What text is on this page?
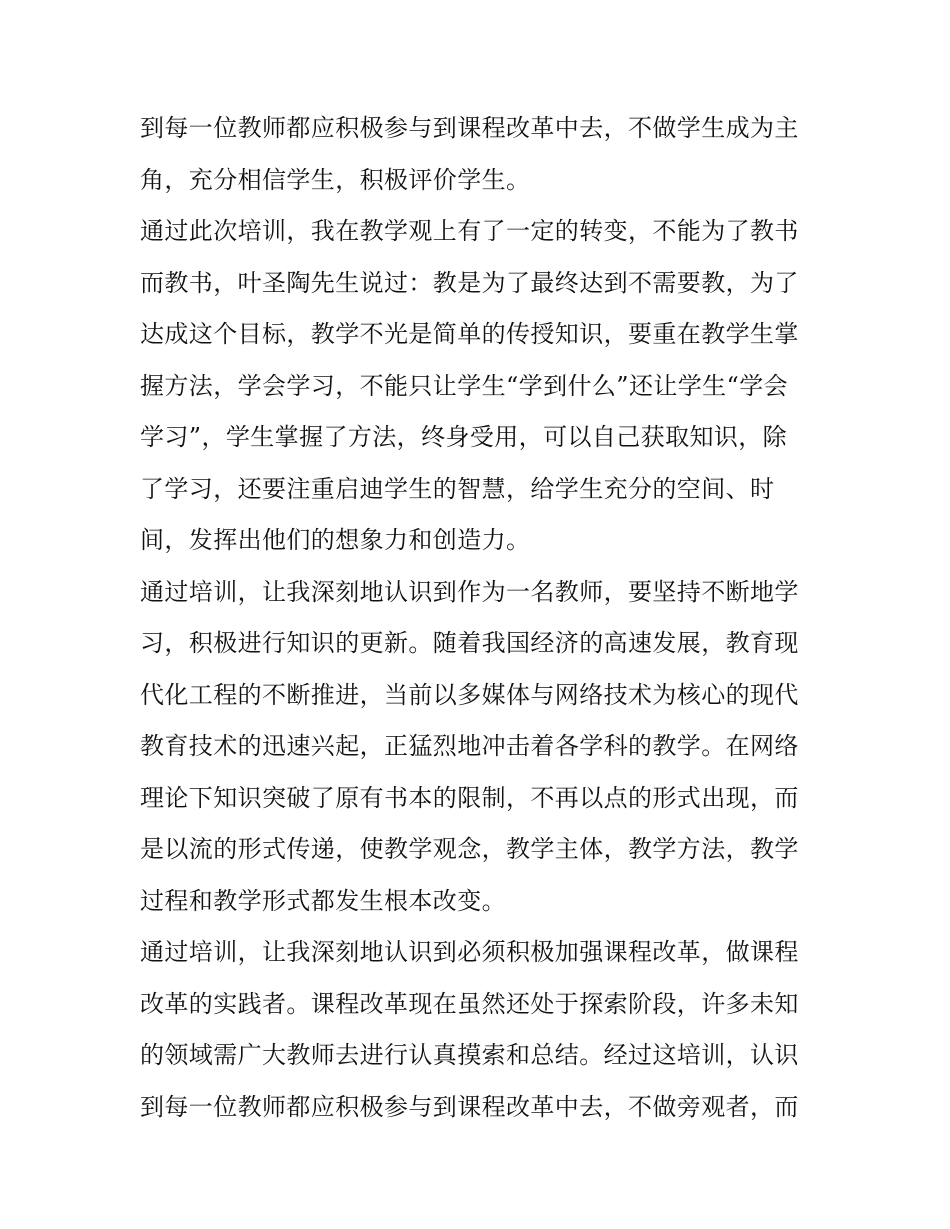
到每一位教师都应积极参与到课程改革中去，不做学生成为主
角，充分相信学生，积极评价学生。
通过此次培训，我在教学观上有了一定的转变，不能为了教书
而教书，叶圣陶先生说过：教是为了最终达到不需要教，为了
达成这个目标，教学不光是简单的传授知识，要重在教学生掌
握方法，学会学习，不能只让学生“学到什么”还让学生“学会
学习”，学生掌握了方法，终身受用，可以自己获取知识，除
了学习，还要注重启迪学生的智慧，给学生充分的空间、时
间，发挥出他们的想象力和创造力。
通过培训，让我深刻地认识到作为一名教师，要坚持不断地学
习，积极进行知识的更新。随着我国经济的高速发展，教育现
代化工程的不断推进，当前以多媒体与网络技术为核心的现代
教育技术的迅速兴起，正猛烈地冲击着各学科的教学。在网络
理论下知识突破了原有书本的限制，不再以点的形式出现，而
是以流的形式传递，使教学观念，教学主体，教学方法，教学
过程和教学形式都发生根本改变。
通过培训，让我深刻地认识到必须积极加强课程改革，做课程
改革的实践者。课程改革现在虽然还处于探索阶段，许多未知
的领域需广大教师去进行认真摸索和总结。经过这培训，认识
到每一位教师都应积极参与到课程改革中去，不做旁观者，而
